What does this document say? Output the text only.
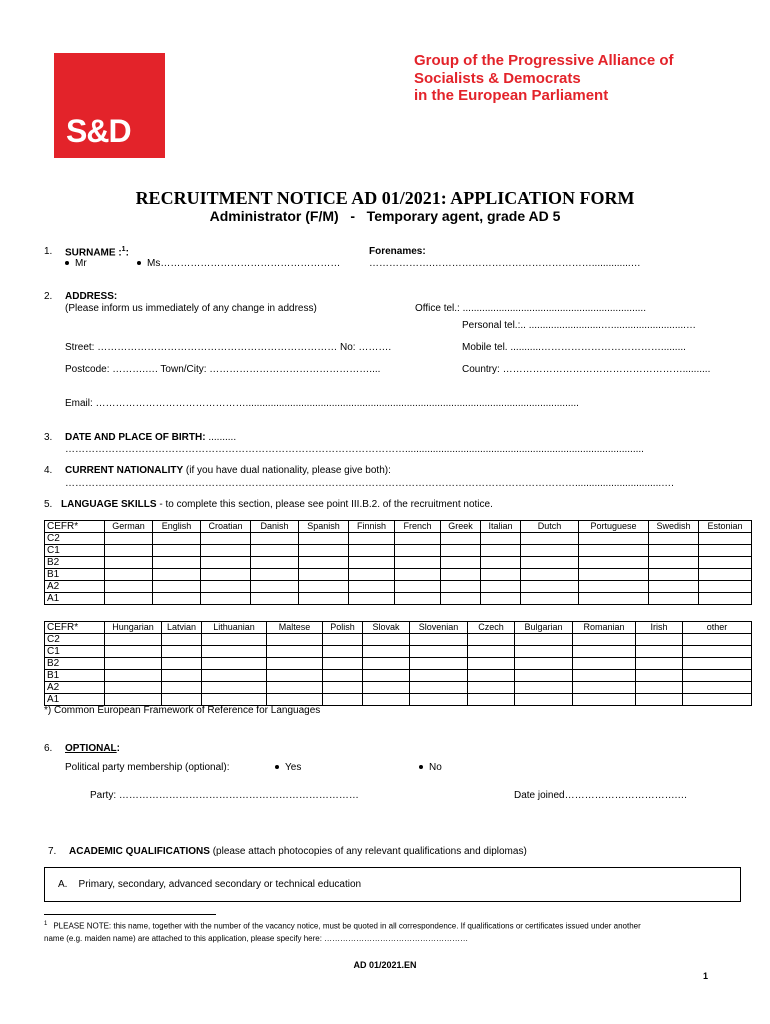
S&D
Group of the Progressive Alliance of
Socialists & Democrats
in the European Parliament
RECRUITMENT NOTICE AD 01/2021: APPLICATION FORM
Administrator (F/M)   -   Temporary agent, grade AD 5
1. SURNAME :$^1$:
Mr	Ms………………………………………………
Forenames:
……………….…………………………………………..............…
2. ADDRESS:
(Please inform us immediately of any change in address)	Office tel.: ..................................................................
Personal tel.:.. ..........................…...........................…
Street: ……………………………………………………………… No: ……….	Mobile tel. ...........……………………………….........
Postcode: ……….…. Town/City: …………………………………………....	Country: ………………………………………………..........
Email: ………………………………………........................................................................................................................
3. DATE AND PLACE OF BIRTH: ..........
…………………………………………………………………………………………......................................................................................
4. CURRENT NATIONALITY (if you have dual nationality, please give both):
………………………………………………………………………………………………………………………………………...............................….
5. LANGUAGE SKILLS - to complete this section, please see point III.B.2. of the recruitment notice.
CEFR*	German	English	Croatian	Danish	Spanish	Finnish	French	Greek	Italian	Dutch	Portuguese	Swedish	Estonian
C2													
C1													
B2													
B1													
A2													
A1													
CEFR*	Hungarian	Latvian	Lithuanian	Maltese	Polish	Slovak	Slovenian	Czech	Bulgarian	Romanian	Irish	other
C2												
C1												
B2												
B1												
A2												
A1												
*) Common European Framework of Reference for Languages
6. OPTIONAL:
Political party membership (optional):	Yes	No
Party: ………………………………………………………………	Date joined…………………………….…
7. ACADEMIC QUALIFICATIONS (please attach photocopies of any relevant qualifications and diplomas)
A.    Primary, secondary, advanced secondary or technical education
$^1$ PLEASE NOTE: this name, together with the number of the vacancy notice, must be quoted in all correspondence. If qualifications or certificates issued under another
name (e.g. maiden name) are attached to this application, please specify here: ………………………………………………
AD 01/2021.EN
1
